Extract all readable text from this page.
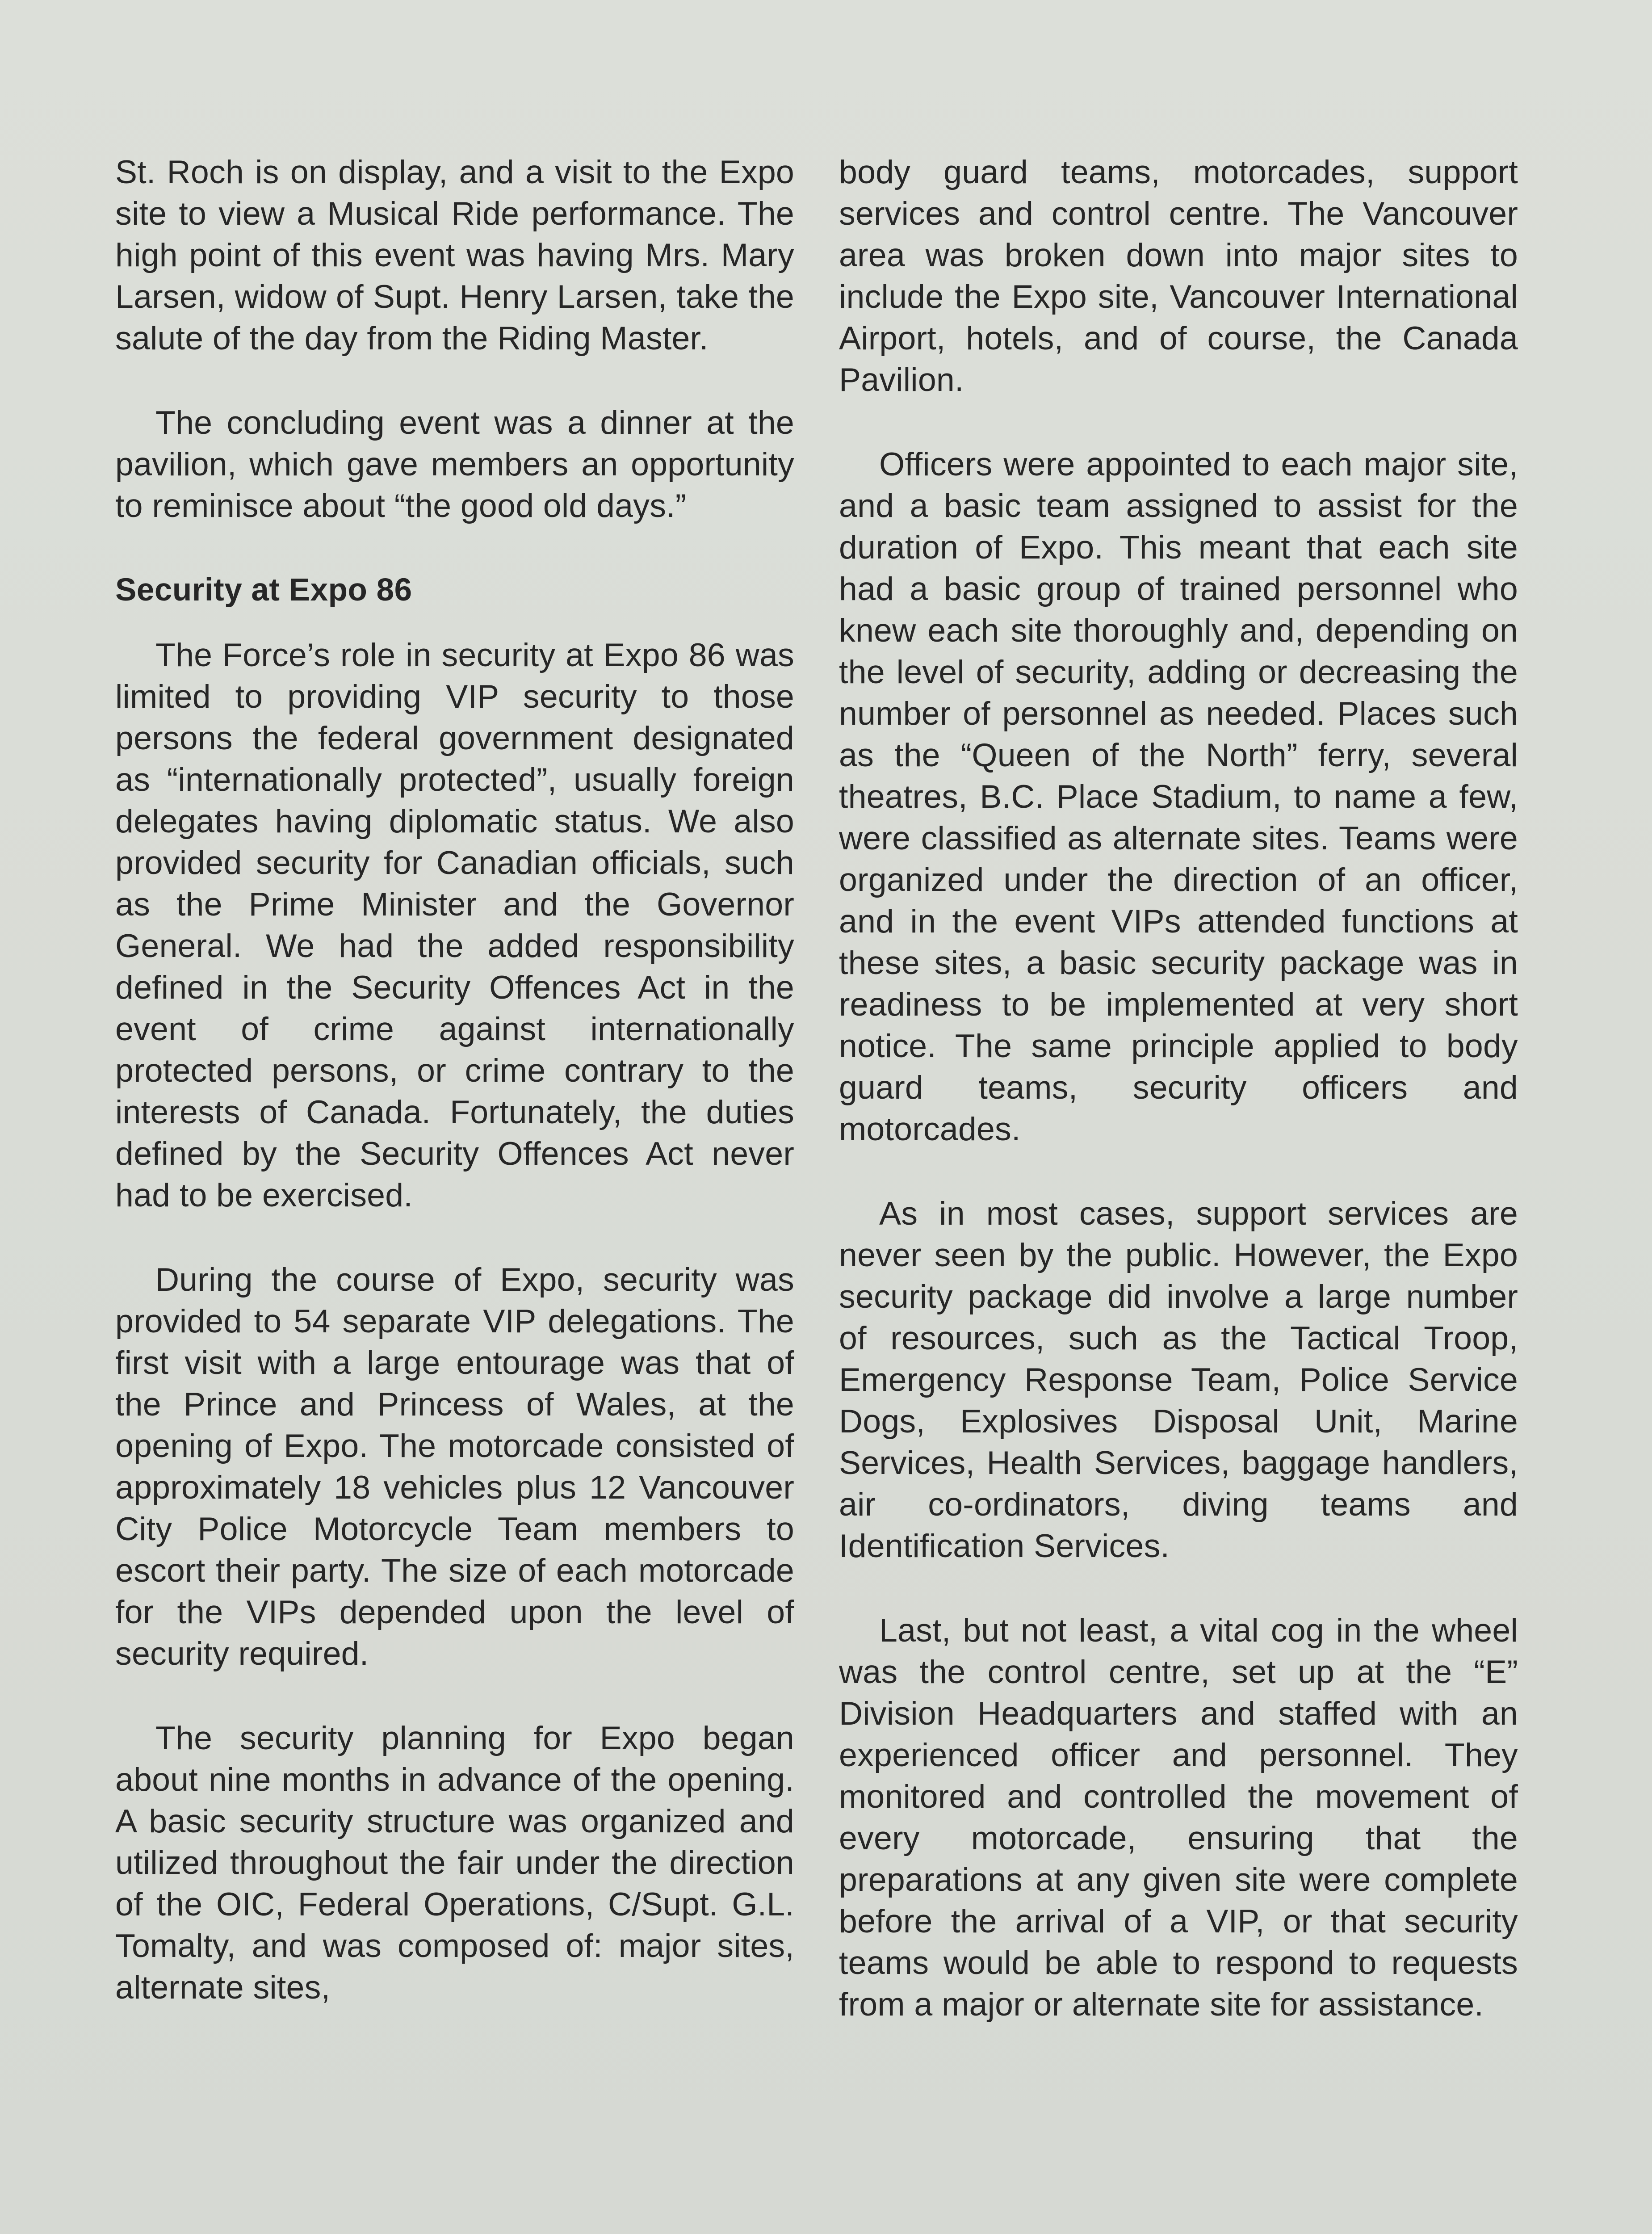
St. Roch is on display, and a visit to the Expo site to view a Musical Ride performance. The high point of this event was having Mrs. Mary Larsen, widow of Supt. Henry Larsen, take the salute of the day from the Riding Master.

The concluding event was a dinner at the pavilion, which gave members an opportunity to reminisce about “the good old days.”

Security at Expo 86

The Force’s role in security at Expo 86 was limited to providing VIP security to those persons the federal government designated as “internationally protected”, usually foreign delegates having diplomatic status. We also provided security for Canadian officials, such as the Prime Minister and the Governor General. We had the added responsibility defined in the Security Offences Act in the event of crime against internationally protected persons, or crime contrary to the interests of Canada. Fortunately, the duties defined by the Security Offences Act never had to be exercised.

During the course of Expo, security was provided to 54 separate VIP delegations. The first visit with a large entourage was that of the Prince and Princess of Wales, at the opening of Expo. The motorcade consisted of approximately 18 vehicles plus 12 Vancouver City Police Motorcycle Team members to escort their party. The size of each motorcade for the VIPs depended upon the level of security required.

The security planning for Expo began about nine months in advance of the opening. A basic security structure was organized and utilized throughout the fair under the direction of the OIC, Federal Operations, C/Supt. G.L. Tomalty, and was composed of: major sites, alternate sites,

body guard teams, motorcades, support services and control centre. The Vancouver area was broken down into major sites to include the Expo site, Vancouver International Airport, hotels, and of course, the Canada Pavilion.

Officers were appointed to each major site, and a basic team assigned to assist for the duration of Expo. This meant that each site had a basic group of trained personnel who knew each site thoroughly and, depending on the level of security, adding or decreasing the number of personnel as needed. Places such as the “Queen of the North” ferry, several theatres, B.C. Place Stadium, to name a few, were classified as alternate sites. Teams were organized under the direction of an officer, and in the event VIPs attended functions at these sites, a basic security package was in readiness to be implemented at very short notice. The same principle applied to body guard teams, security officers and motorcades.

As in most cases, support services are never seen by the public. However, the Expo security package did involve a large number of resources, such as the Tactical Troop, Emergency Response Team, Police Service Dogs, Explosives Disposal Unit, Marine Services, Health Services, baggage handlers, air co-ordinators, diving teams and Identification Services.

Last, but not least, a vital cog in the wheel was the control centre, set up at the “E” Division Headquarters and staffed with an experienced officer and personnel. They monitored and controlled the movement of every motorcade, ensuring that the preparations at any given site were complete before the arrival of a VIP, or that security teams would be able to respond to requests from a major or alternate site for assistance.
